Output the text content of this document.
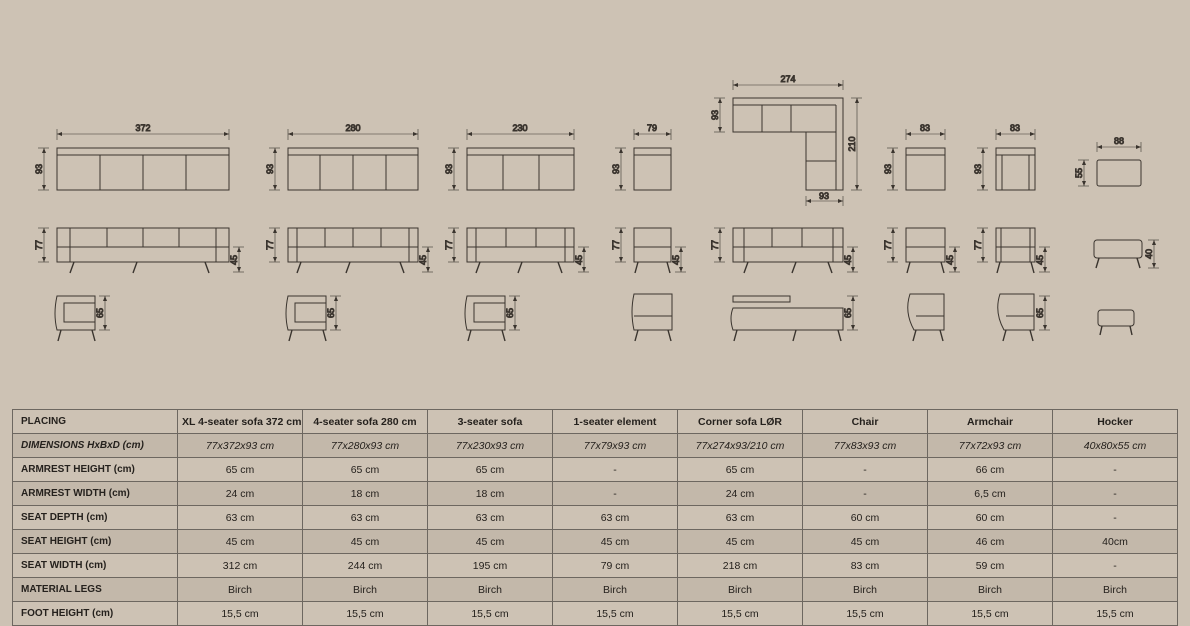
372
93
280
93
230
93
79
93
274
93
210
93
83
93
83
93
88
55
77
45
77
45
77
45
77
45
77
45
77
45
77
45
40
65	65	65	65	65
PLACING	XL 4-seater sofa 372 cm	4-seater sofa 280 cm	3-seater sofa	1-seater element	Corner sofa LØR	Chair	Armchair	Hocker
DIMENSIONS HxBxD (cm)	77x372x93 cm	77x280x93 cm	77x230x93 cm	77x79x93 cm	77x274x93/210 cm	77x83x93 cm	77x72x93 cm	40x80x55 cm
ARMREST HEIGHT (cm)	65 cm	65 cm	65 cm	-	65 cm	-	66 cm	-
ARMREST WIDTH (cm)	24 cm	18 cm	18 cm	-	24 cm	-	6,5 cm	-
SEAT DEPTH (cm)	63 cm	63 cm	63 cm	63 cm	63 cm	60 cm	60 cm	-
SEAT HEIGHT (cm)	45 cm	45 cm	45 cm	45 cm	45 cm	45 cm	46 cm	40cm
SEAT WIDTH (cm)	312 cm	244 cm	195 cm	79 cm	218 cm	83 cm	59 cm	-
MATERIAL LEGS	Birch	Birch	Birch	Birch	Birch	Birch	Birch	Birch
FOOT HEIGHT (cm)	15,5 cm	15,5 cm	15,5 cm	15,5 cm	15,5 cm	15,5 cm	15,5 cm	15,5 cm
